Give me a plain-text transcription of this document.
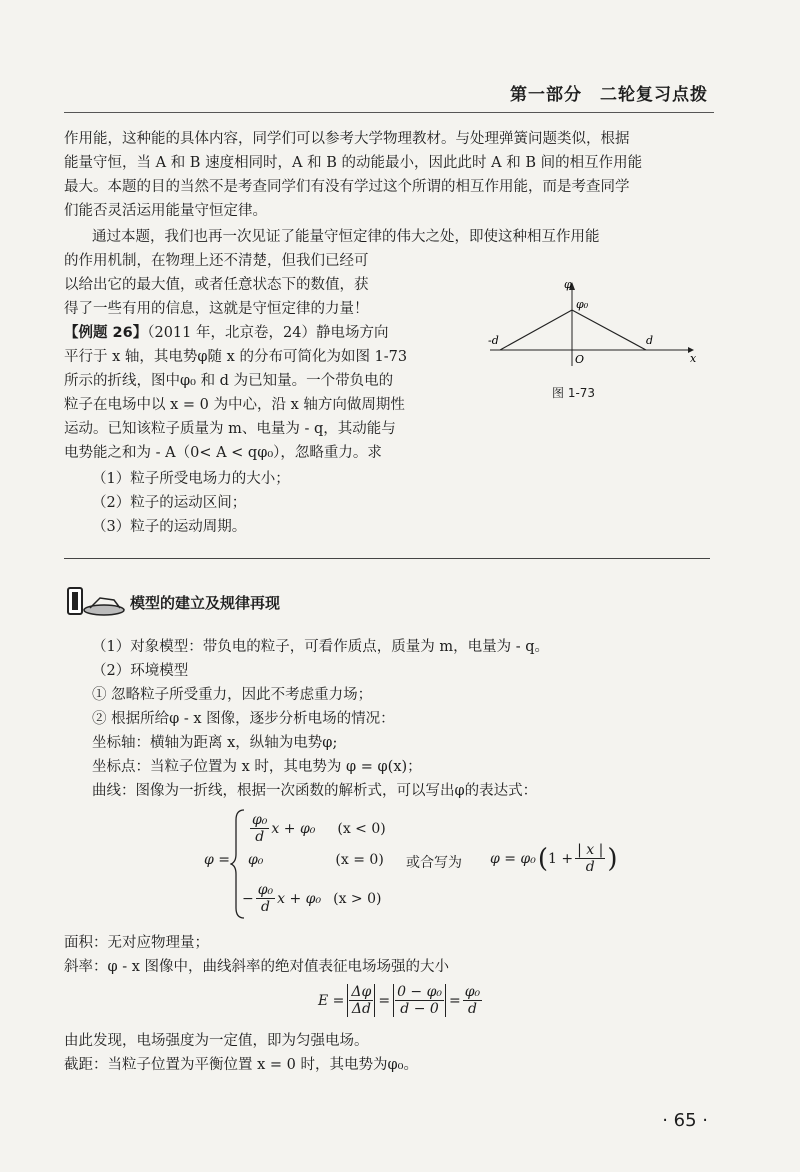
第一部分　二轮复习点拨
作用能，这种能的具体内容，同学们可以参考大学物理教材。与处理弹簧问题类似，根据
能量守恒，当 A 和 B 速度相同时，A 和 B 的动能最小，因此此时 A 和 B 间的相互作用能
最大。本题的目的当然不是考查同学们有没有学过这个所谓的相互作用能，而是考查同学
们能否灵活运用能量守恒定律。
通过本题，我们也再一次见证了能量守恒定律的伟大之处，即使这种相互作用能
的作用机制，在物理上还不清楚，但我们已经可
以给出它的最大值，或者任意状态下的数值，获
得了一些有用的信息，这就是守恒定律的力量！
【例题 26】（2011 年，北京卷，24）静电场方向
平行于 x 轴，其电势φ随 x 的分布可简化为如图 1-73
所示的折线，图中φ₀ 和 d 为已知量。一个带负电的
粒子在电场中以 x = 0 为中心，沿 x 轴方向做周期性
运动。已知该粒子质量为 m、电量为 - q，其动能与
电势能之和为 - A（0< A < qφ₀），忽略重力。求
（1）粒子所受电场力的大小；
（2）粒子的运动区间；
（3）粒子的运动周期。
φ
φ₀
-d	d
O	x
图 1-73
模型的建立及规律再现
（1）对象模型：带负电的粒子，可看作质点，质量为 m，电量为 - q。
（2）环境模型
① 忽略粒子所受重力，因此不考虑重力场；
② 根据所给φ - x 图像，逐步分析电场的情况：
坐标轴：横轴为距离 x，纵轴为电势φ;
坐标点：当粒子位置为 x 时，其电势为 φ = φ(x)；
曲线：图像为一折线，根据一次函数的解析式，可以写出φ的表达式：
φ =
$\frac{\text{φ₀}}{d}$ x + φ₀ (x < 0)
φ₀	(x = 0)
− $\frac{\text{φ₀}}{d}$ x + φ₀ (x > 0)
或合写为 φ = φ₀ ( $1 + \frac{| x |}{d}$ )
面积：无对应物理量；
斜率：φ - x 图像中，曲线斜率的绝对值表征电场场强的大小
$E = \frac{\Delta\varphi}{\Delta d} = \frac{\text{0 − φ₀}}{d - 0} = \frac{\text{φ₀}}{d}$
由此发现，电场强度为一定值，即为匀强电场。
截距：当粒子位置为平衡位置 x = 0 时，其电势为φ₀。
· 65 ·
